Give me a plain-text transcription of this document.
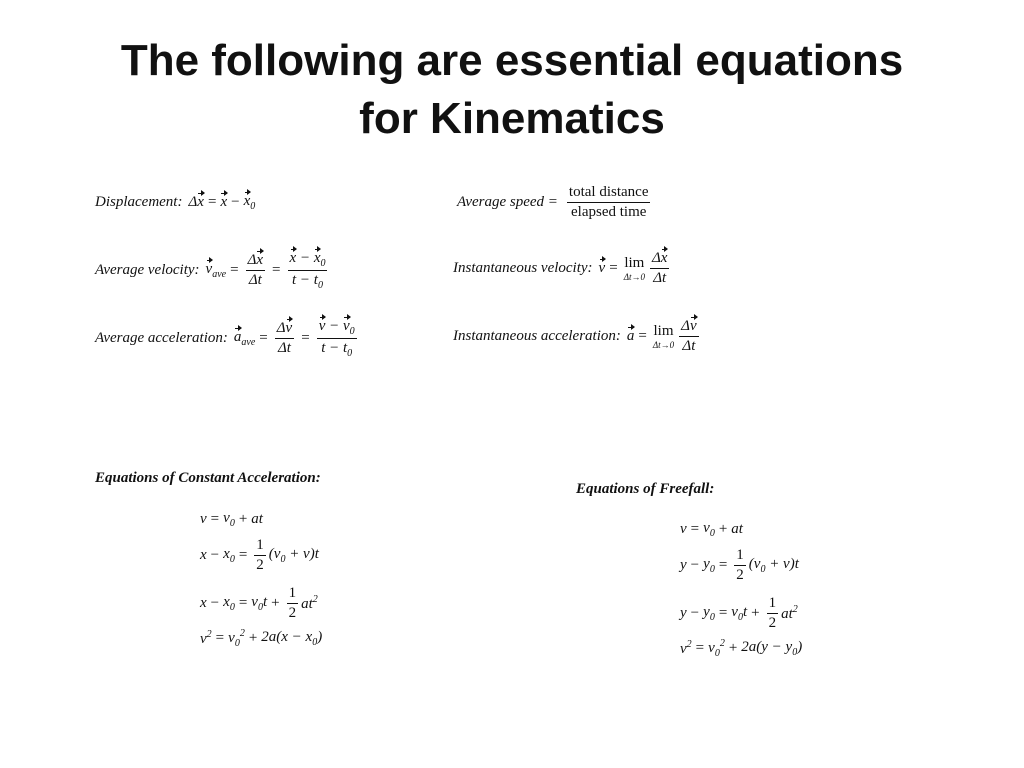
The following are essential equations
for Kinematics
Displacement: $\Delta x = x - x_0$	Average speed = $\frac{\text{total distance}}{\text{elapsed time}}$
Average velocity: $v_{ave} = \frac{\Delta x}{\Delta t} = \frac{x - x_0}{t - t_0}$	Instantaneous velocity: v = lim
$\Delta t\to 0 \frac{\Delta x}{\Delta t}$
Average acceleration: $a_{ave} = \frac{\Delta v}{\Delta t} = \frac{v - v_0}{t - t_0}$	Instantaneous acceleration: a = lim
$\Delta t\to 0 \frac{\Delta v}{\Delta t}$
Equations of Constant Acceleration:
$v = v_0$ + at
$x - x_0 = \frac{1}{2} (v_0 + v)t$
$x - x_0 = v_0t + \frac{1}{2} at^2$
$v^2 = v_0^2 + 2a(x - x_0)$
Equations of Freefall:
$v = v_0$ + at
$y - y_0 = \frac{1}{2} (v_0 + v)t$
$y - y_0 = v_0t + \frac{1}{2} at^2$
$v^2 = v_0^2 + 2a(y - y_0)$
